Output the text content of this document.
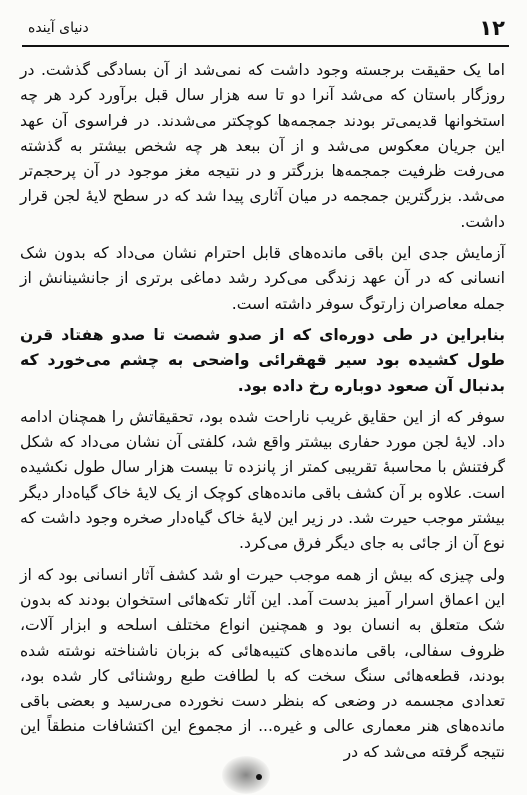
۱۲
دنیای آینده

اما یک حقیقت برجسته وجود داشت که نمی‌شد از آن بسادگی گذشت. در روزگار باستان که می‌شد آنرا دو تا سه هزار سال قبل برآورد کرد هر چه استخوانها قدیمی‌تر بودند جمجمه‌ها کوچکتر می‌شدند. در فراسوی آن عهد این جریان معکوس می‌شد و از آن ببعد هر چه شخص بیشتر به گذشته می‌رفت ظرفیت جمجمه‌ها بزرگتر و در نتیجه مغز موجود در آن پرحجم‌تر می‌شد. بزرگترین جمجمه در میان آثاری پیدا شد که در سطح لایهٔ لجن قرار داشت.

آزمایش جدی این باقی مانده‌های قابل احترام نشان می‌داد که بدون شک انسانی که در آن عهد زندگی می‌کرد رشد دماغی برتری از جانشینانش از جمله معاصران زارتوگ سوفر داشته است.

بنابراین در طی دوره‌ای که از صدو شصت تا صدو هفتاد قرن طول کشیده بود سیر قهقرائی واضحی به چشم می‌خورد که بدنبال آن صعود دوباره رخ داده بود.

سوفر که از این حقایق غریب ناراحت شده بود، تحقیقاتش را همچنان ادامه داد. لایهٔ لجن مورد حفاری بیشتر واقع شد، کلفتی آن نشان می‌داد که شکل گرفتنش با محاسبهٔ تقریبی کمتر از پانزده تا بیست هزار سال طول نکشیده است. علاوه بر آن کشف باقی مانده‌های کوچک از یک لایهٔ خاک گیاه‌دار دیگر بیشتر موجب حیرت شد. در زیر این لایهٔ خاک گیاه‌دار صخره وجود داشت که نوع آن از جائی به جای دیگر فرق می‌کرد.

ولی چیزی که بیش از همه موجب حیرت او شد کشف آثار انسانی بود که از این اعماق اسرار آمیز بدست آمد. این آثار تکه‌هائی استخوان بودند که بدون شک متعلق به انسان بود و همچنین انواع مختلف اسلحه و ابزار آلات، ظروف سفالی، باقی مانده‌های کتیبه‌هائی که بزبان ناشناخته نوشته شده بودند، قطعه‌هائی سنگ سخت که با لطافت طبع روشنائی کار شده بود، تعدادی مجسمه در وضعی که بنظر دست نخورده می‌رسید و بعضی باقی مانده‌های هنر معماری عالی و غیره... از مجموع این اکتشافات منطقاً این نتیجه گرفته می‌شد که در
